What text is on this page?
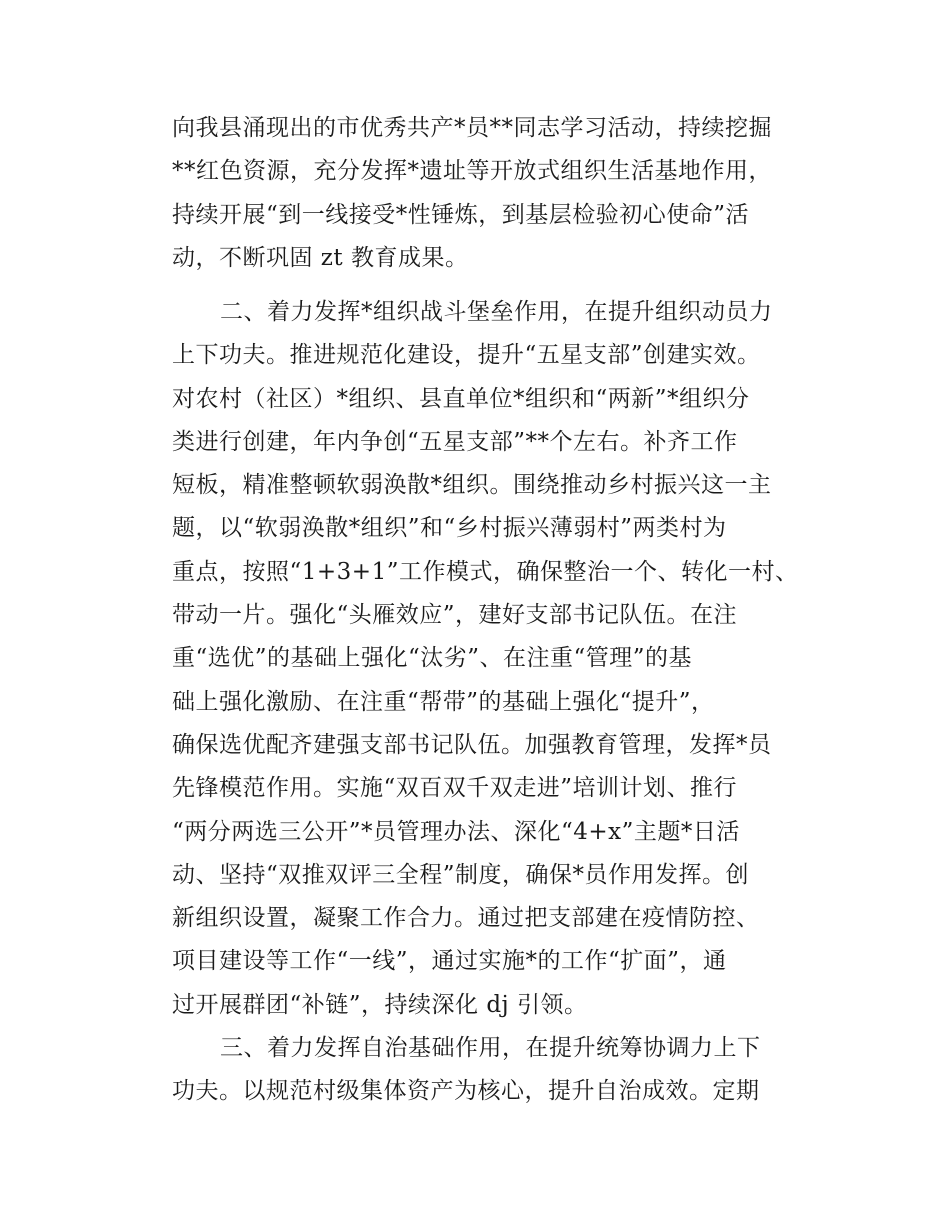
向我县涌现出的市优秀共产*员**同志学习活动，持续挖掘
**红色资源，充分发挥*遗址等开放式组织生活基地作用，
持续开展“到一线接受*性锤炼，到基层检验初心使命”活
动，不断巩固 zt 教育成果。
二、着力发挥*组织战斗堡垒作用，在提升组织动员力
上下功夫。推进规范化建设，提升“五星支部”创建实效。
对农村（社区）*组织、县直单位*组织和“两新”*组织分
类进行创建，年内争创“五星支部”**个左右。补齐工作
短板，精准整顿软弱涣散*组织。围绕推动乡村振兴这一主
题，以“软弱涣散*组织”和“乡村振兴薄弱村”两类村为
重点，按照“1+3+1”工作模式，确保整治一个、转化一村、
带动一片。强化“头雁效应”，建好支部书记队伍。在注
重“选优”的基础上强化“汰劣”、在注重“管理”的基
础上强化激励、在注重“帮带”的基础上强化“提升”，
确保选优配齐建强支部书记队伍。加强教育管理，发挥*员
先锋模范作用。实施“双百双千双走进”培训计划、推行
“两分两选三公开”*员管理办法、深化“4+x”主题*日活
动、坚持“双推双评三全程”制度，确保*员作用发挥。创
新组织设置，凝聚工作合力。通过把支部建在疫情防控、
项目建设等工作“一线”，通过实施*的工作“扩面”，通
过开展群团“补链”，持续深化 dj 引领。
三、着力发挥自治基础作用，在提升统筹协调力上下
功夫。以规范村级集体资产为核心，提升自治成效。定期
